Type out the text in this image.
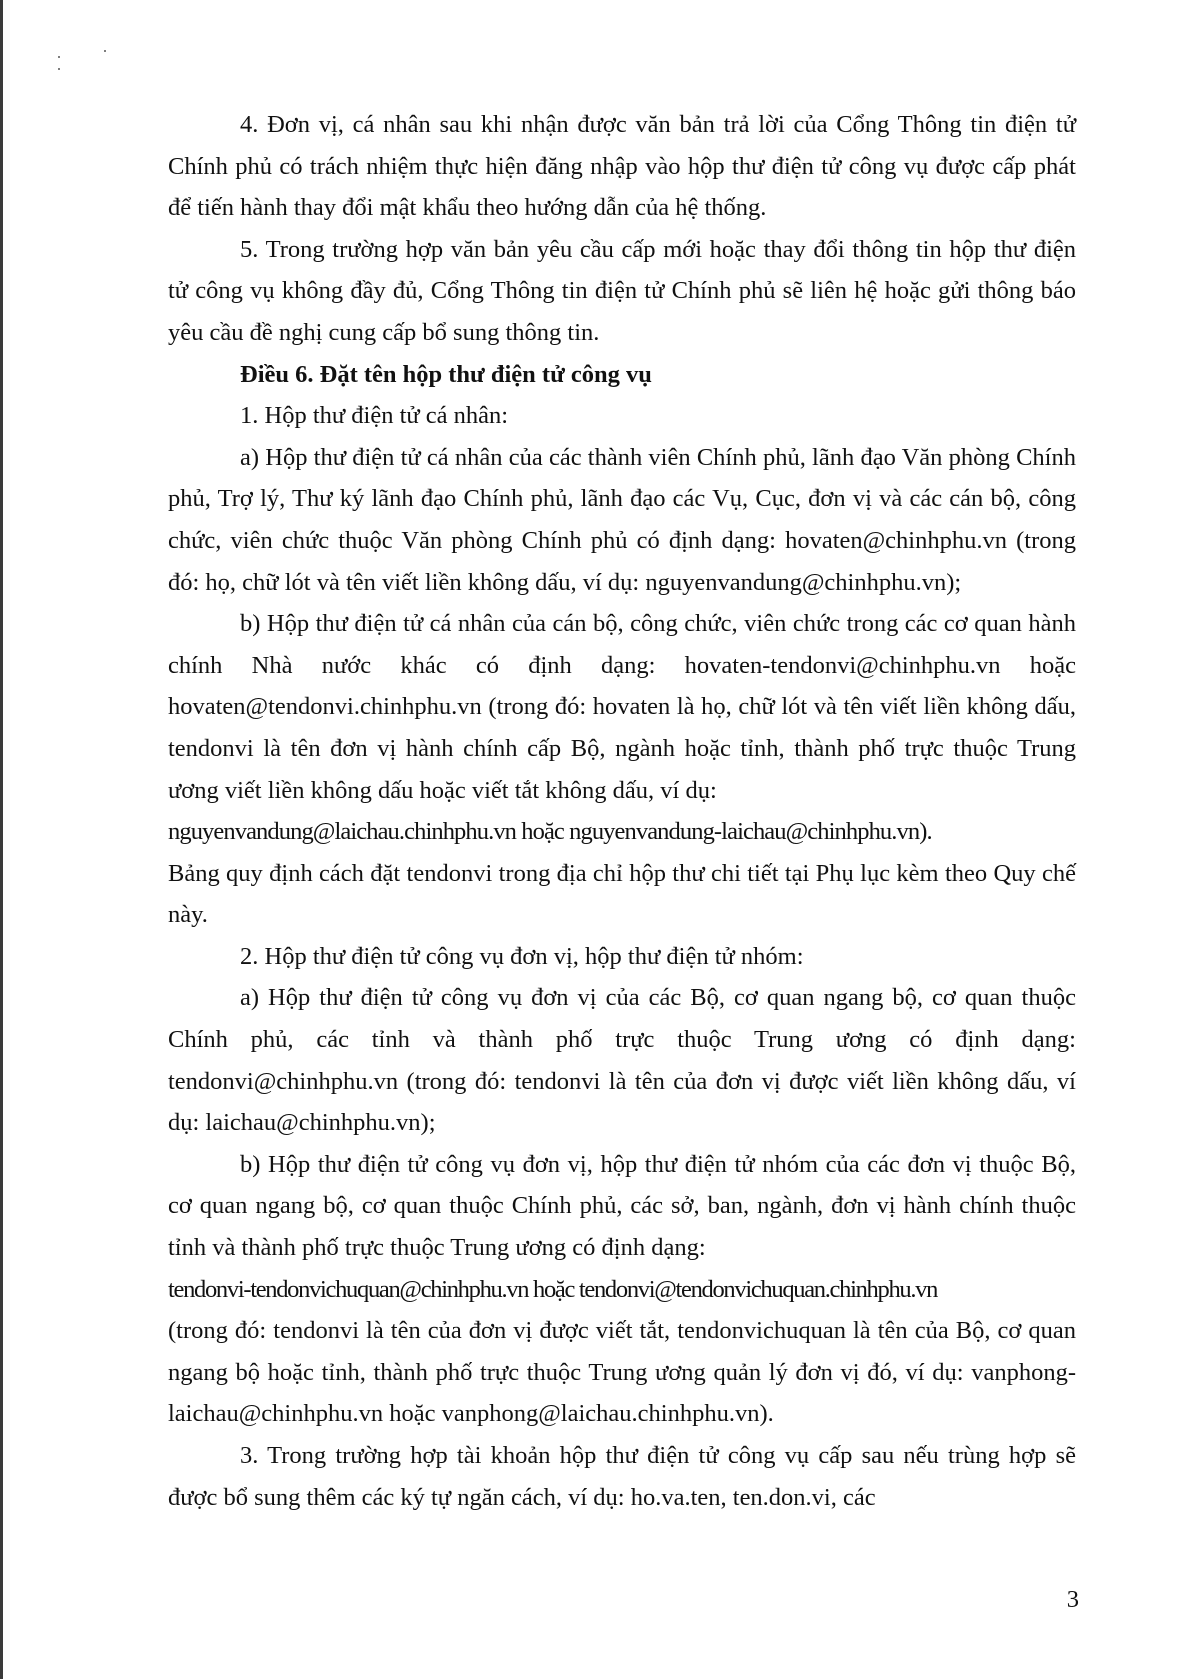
4. Đơn vị, cá nhân sau khi nhận được văn bản trả lời của Cổng Thông tin điện tử Chính phủ có trách nhiệm thực hiện đăng nhập vào hộp thư điện tử công vụ được cấp phát để tiến hành thay đổi mật khẩu theo hướng dẫn của hệ thống.

5. Trong trường hợp văn bản yêu cầu cấp mới hoặc thay đổi thông tin hộp thư điện tử công vụ không đầy đủ, Cổng Thông tin điện tử Chính phủ sẽ liên hệ hoặc gửi thông báo yêu cầu đề nghị cung cấp bổ sung thông tin.

Điều 6. Đặt tên hộp thư điện tử công vụ

1. Hộp thư điện tử cá nhân:

a) Hộp thư điện tử cá nhân của các thành viên Chính phủ, lãnh đạo Văn phòng Chính phủ, Trợ lý, Thư ký lãnh đạo Chính phủ, lãnh đạo các Vụ, Cục, đơn vị và các cán bộ, công chức, viên chức thuộc Văn phòng Chính phủ có định dạng: hovaten@chinhphu.vn (trong đó: họ, chữ lót và tên viết liền không dấu, ví dụ: nguyenvandung@chinhphu.vn);

b) Hộp thư điện tử cá nhân của cán bộ, công chức, viên chức trong các cơ quan hành chính Nhà nước khác có định dạng: hovaten-tendonvi@chinhphu.vn hoặc hovaten@tendonvi.chinhphu.vn (trong đó: hovaten là họ, chữ lót và tên viết liền không dấu, tendonvi là tên đơn vị hành chính cấp Bộ, ngành hoặc tỉnh, thành phố trực thuộc Trung ương viết liền không dấu hoặc viết tắt không dấu, ví dụ:

nguyenvandung@laichau.chinhphu.vn hoặc nguyenvandung-laichau@chinhphu.vn).

Bảng quy định cách đặt tendonvi trong địa chỉ hộp thư chi tiết tại Phụ lục kèm theo Quy chế này.

2. Hộp thư điện tử công vụ đơn vị, hộp thư điện tử nhóm:

a) Hộp thư điện tử công vụ đơn vị của các Bộ, cơ quan ngang bộ, cơ quan thuộc Chính phủ, các tỉnh và thành phố trực thuộc Trung ương có định dạng: tendonvi@chinhphu.vn (trong đó: tendonvi là tên của đơn vị được viết liền không dấu, ví dụ: laichau@chinhphu.vn);

b) Hộp thư điện tử công vụ đơn vị, hộp thư điện tử nhóm của các đơn vị thuộc Bộ, cơ quan ngang bộ, cơ quan thuộc Chính phủ, các sở, ban, ngành, đơn vị hành chính thuộc tỉnh và thành phố trực thuộc Trung ương có định dạng:

tendonvi-tendonvichuquan@chinhphu.vn hoặc tendonvi@tendonvichuquan.chinhphu.vn

(trong đó: tendonvi là tên của đơn vị được viết tắt, tendonvichuquan là tên của Bộ, cơ quan ngang bộ hoặc tỉnh, thành phố trực thuộc Trung ương quản lý đơn vị đó, ví dụ: vanphong-laichau@chinhphu.vn hoặc vanphong@laichau.chinhphu.vn).

3. Trong trường hợp tài khoản hộp thư điện tử công vụ cấp sau nếu trùng hợp sẽ được bổ sung thêm các ký tự ngăn cách, ví dụ: ho.va.ten, ten.don.vi, các

3
